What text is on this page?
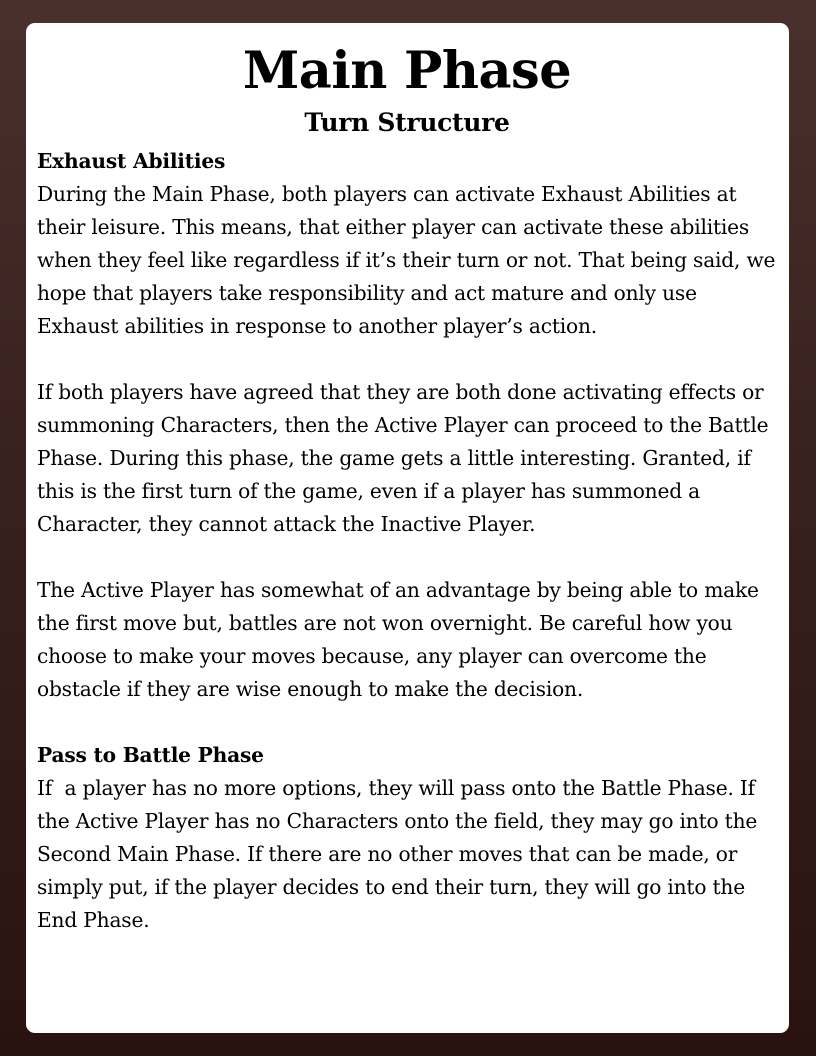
Main Phase
Turn Structure
Exhaust Abilities

During the Main Phase, both players can activate Exhaust Abilities at their leisure. This means, that either player can activate these abilities when they feel like regardless if it’s their turn or not. That being said, we hope that players take responsibility and act mature and only use Exhaust abilities in response to another player’s action.

If both players have agreed that they are both done activating effects or summoning Characters, then the Active Player can proceed to the Battle Phase. During this phase, the game gets a little interesting. Granted, if this is the first turn of the game, even if a player has summoned a Character, they cannot attack the Inactive Player.

The Active Player has somewhat of an advantage by being able to make the first move but, battles are not won overnight. Be careful how you choose to make your moves because, any player can overcome the obstacle if they are wise enough to make the decision.

Pass to Battle Phase

If  a player has no more options, they will pass onto the Battle Phase. If the Active Player has no Characters onto the field, they may go into the Second Main Phase. If there are no other moves that can be made, or simply put, if the player decides to end their turn, they will go into the End Phase.
